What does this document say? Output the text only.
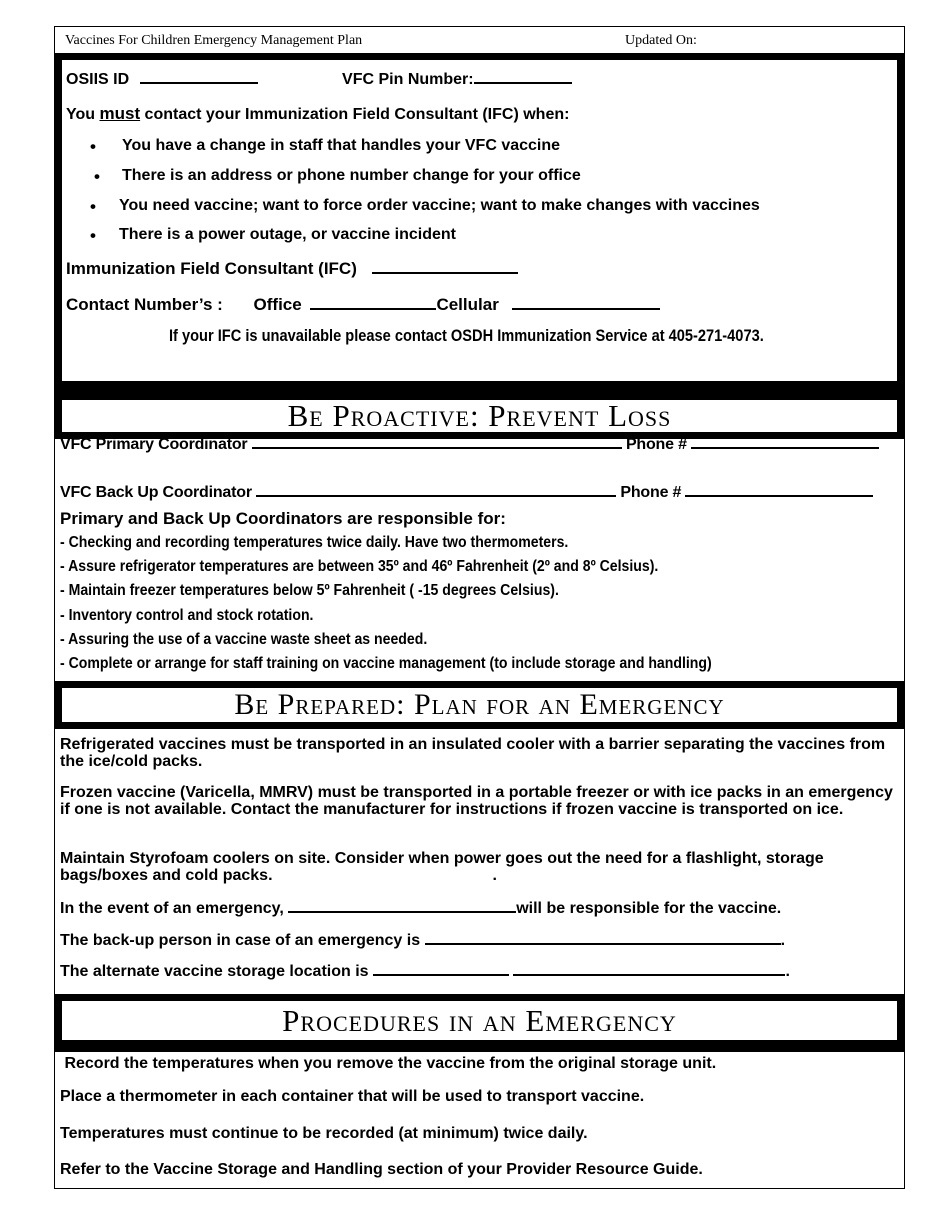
Vaccines For Children Emergency Management Plan	Updated On:
OSIIS ID	VFC Pin Number:
You must contact your Immunization Field Consultant (IFC) when:
• You have a change in staff that handles your VFC vaccine
• There is an address or phone number change for your office
• You need vaccine; want to force order vaccine; want to make changes with vaccines
• There is a power outage, or vaccine incident
Immunization Field Consultant (IFC)
Contact Number’s : Office	Cellular
If your IFC is unavailable please contact OSDH Immunization Service at 405-271-4073.
Be Proactive: Prevent Loss
VFC Primary Coordinator	Phone #
VFC Back Up Coordinator	Phone #
Primary and Back Up Coordinators are responsible for:
- Checking and recording temperatures twice daily. Have two thermometers.
- Assure refrigerator temperatures are between 35º and 46º Fahrenheit (2º and 8º Celsius).
- Maintain freezer temperatures below 5º Fahrenheit ( -15 degrees Celsius).
- Inventory control and stock rotation.
- Assuring the use of a vaccine waste sheet as needed.
- Complete or arrange for staff training on vaccine management (to include storage and handling)
Be Prepared: Plan for an Emergency
Refrigerated vaccines must be transported in an insulated cooler with a barrier separating the vaccines from the ice/cold packs.
Frozen vaccine (Varicella, MMRV) must be transported in a portable freezer or with ice packs in an emergency if one is not available. Contact the manufacturer for instructions if frozen vaccine is transported on ice.
Maintain Styrofoam coolers on site. Consider when power goes out the need for a flashlight, storage bags/boxes and cold packs.	.
In the event of an emergency,	will be responsible for the vaccine.
The back-up person in case of an emergency is	.
The alternate vaccine storage location is	.
Procedures in an Emergency
Record the temperatures when you remove the vaccine from the original storage unit.
Place a thermometer in each container that will be used to transport vaccine.
Temperatures must continue to be recorded (at minimum) twice daily.
Refer to the Vaccine Storage and Handling section of your Provider Resource Guide.
